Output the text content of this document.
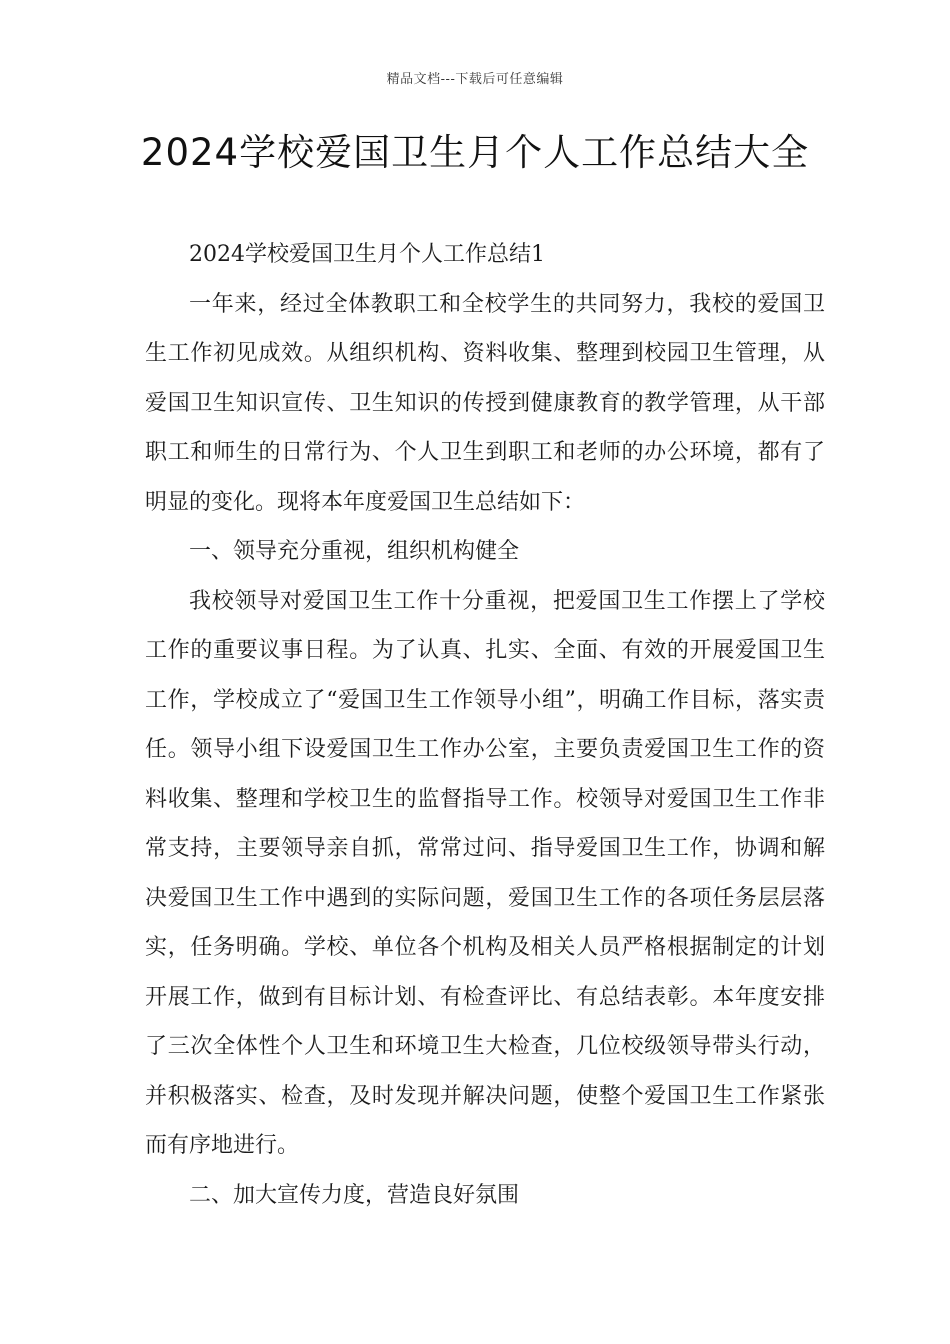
精品文档---下载后可任意编辑
2024学校爱国卫生月个人工作总结大全

2024学校爱国卫生月个人工作总结1

一年来，经过全体教职工和全校学生的共同努力，我校的爱国卫生工作初见成效。从组织机构、资料收集、整理到校园卫生管理，从爱国卫生知识宣传、卫生知识的传授到健康教育的教学管理，从干部职工和师生的日常行为、个人卫生到职工和老师的办公环境，都有了明显的变化。现将本年度爱国卫生总结如下：

一、领导充分重视，组织机构健全

我校领导对爱国卫生工作十分重视，把爱国卫生工作摆上了学校工作的重要议事日程。为了认真、扎实、全面、有效的开展爱国卫生工作，学校成立了“爱国卫生工作领导小组”，明确工作目标，落实责任。领导小组下设爱国卫生工作办公室，主要负责爱国卫生工作的资料收集、整理和学校卫生的监督指导工作。校领导对爱国卫生工作非常支持，主要领导亲自抓，常常过问、指导爱国卫生工作，协调和解决爱国卫生工作中遇到的实际问题，爱国卫生工作的各项任务层层落实，任务明确。学校、单位各个机构及相关人员严格根据制定的计划开展工作，做到有目标计划、有检查评比、有总结表彰。本年度安排了三次全体性个人卫生和环境卫生大检查，几位校级领导带头行动，并积极落实、检查，及时发现并解决问题，使整个爱国卫生工作紧张而有序地进行。

二、加大宣传力度，营造良好氛围
